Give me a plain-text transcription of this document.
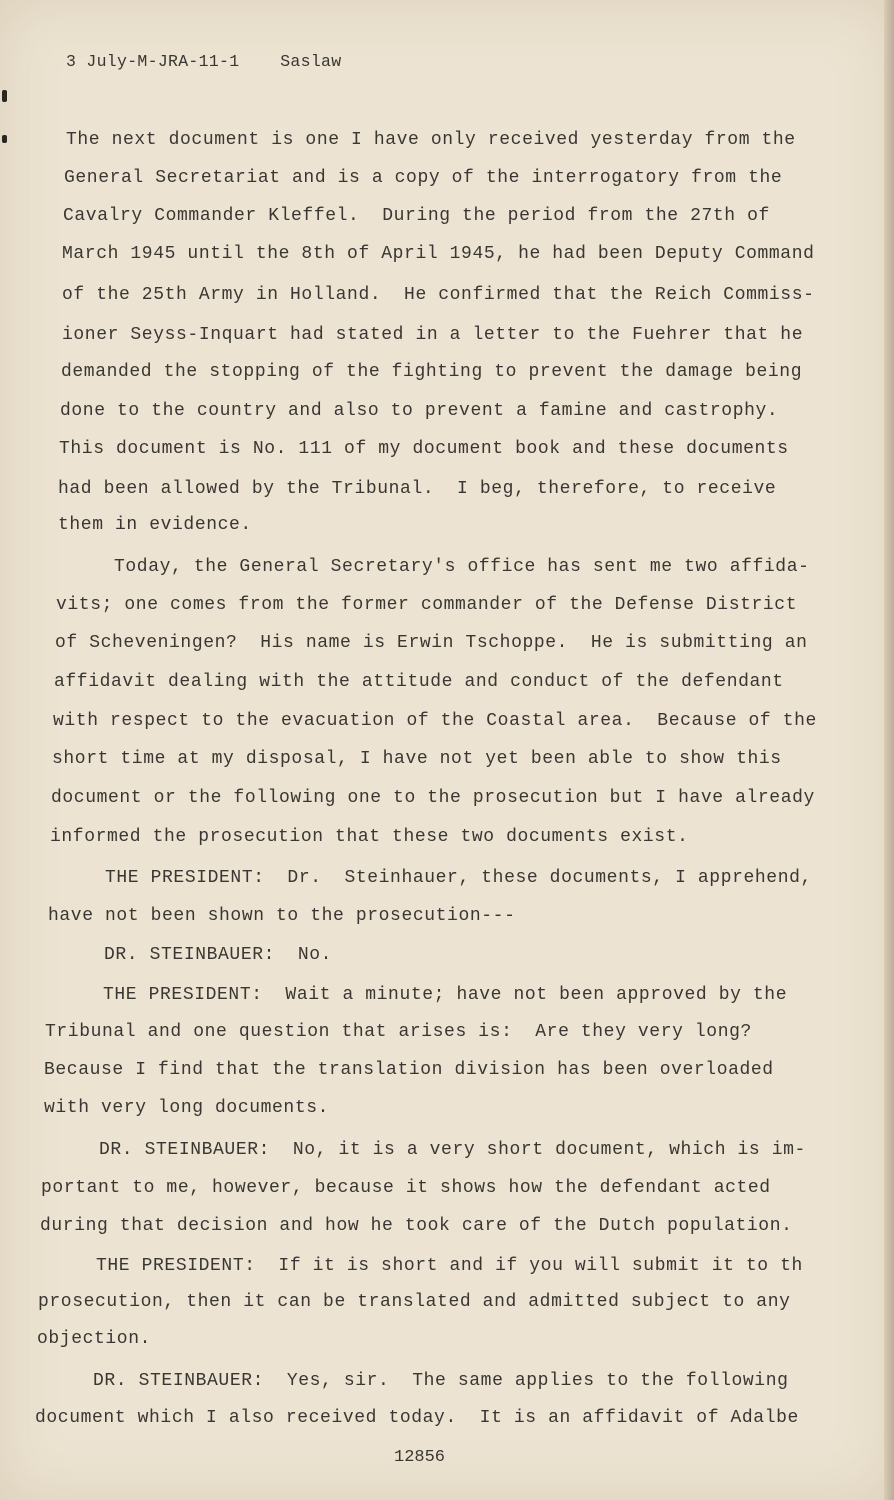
3 July-M-JRA-11-1    Saslaw
The next document is one I have only received yesterday from the
General Secretariat and is a copy of the interrogatory from the
Cavalry Commander Kleffel.  During the period from the 27th of
March 1945 until the 8th of April 1945, he had been Deputy Command
of the 25th Army in Holland.  He confirmed that the Reich Commiss-
ioner Seyss-Inquart had stated in a letter to the Fuehrer that he
demanded the stopping of the fighting to prevent the damage being
done to the country and also to prevent a famine and castrophy.
This document is No. 111 of my document book and these documents
had been allowed by the Tribunal.  I beg, therefore, to receive
them in evidence.
Today, the General Secretary's office has sent me two affida-
vits; one comes from the former commander of the Defense District
of Scheveningen?  His name is Erwin Tschoppe.  He is submitting an
affidavit dealing with the attitude and conduct of the defendant
with respect to the evacuation of the Coastal area.  Because of the
short time at my disposal, I have not yet been able to show this
document or the following one to the prosecution but I have already
informed the prosecution that these two documents exist.
THE PRESIDENT:  Dr.  Steinhauer, these documents, I apprehend,
have not been shown to the prosecution---
DR. STEINBAUER:  No.
THE PRESIDENT:  Wait a minute; have not been approved by the
Tribunal and one question that arises is:  Are they very long?
Because I find that the translation division has been overloaded
with very long documents.
DR. STEINBAUER:  No, it is a very short document, which is im-
portant to me, however, because it shows how the defendant acted
during that decision and how he took care of the Dutch population.
THE PRESIDENT:  If it is short and if you will submit it to th
prosecution, then it can be translated and admitted subject to any
objection.
DR. STEINBAUER:  Yes, sir.  The same applies to the following
document which I also received today.  It is an affidavit of Adalbe
12856
